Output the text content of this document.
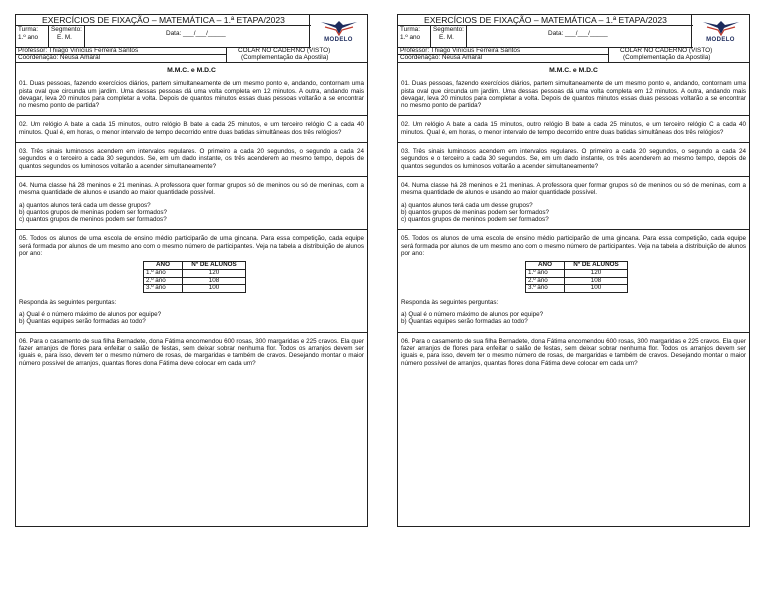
EXERCÍCIOS DE FIXAÇÃO – MATEMÁTICA – 1.ª ETAPA/2023
Turma:
1.º ano
Segmento:
E. M.
Data: ___/___/_____
MODELO
Professor: Thiago Vinícius Ferreira Santos
Coordenação: Neusa Amaral
COLAR NO CADERNO (VISTO)
(Complementação da Apostila)
M.M.C. e M.D.C

01. Duas pessoas, fazendo exercícios diários, partem simultaneamente de um mesmo ponto e, andando, contornam uma pista oval que circunda um jardim. Uma dessas pessoas dá uma volta completa em 12 minutos. A outra, andando mais devagar, leva 20 minutos para completar a volta. Depois de quantos minutos essas duas pessoas voltarão a se encontrar no mesmo ponto de partida?

02. Um relógio A bate a cada 15 minutos, outro relógio B bate a cada 25 minutos, e um terceiro relógio C a cada 40 minutos. Qual é, em horas, o menor intervalo de tempo decorrido entre duas batidas simultâneas dos três relógios?

03. Três sinais luminosos acendem em intervalos regulares. O primeiro a cada 20 segundos, o segundo a cada 24 segundos e o terceiro a cada 30 segundos. Se, em um dado instante, os três acenderem ao mesmo tempo, depois de quantos segundos os luminosos voltarão a acender simultaneamente?

04. Numa classe há 28 meninos e 21 meninas. A professora quer formar grupos só de meninos ou só de meninas, com a mesma quantidade de alunos e usando ao maior quantidade possível.

a) quantos alunos terá cada um desse grupos?

b) quantos grupos de meninas podem ser formados?

c) quantos grupos de meninos podem ser formados?

05. Todos os alunos de uma escola de ensino médio participarão de uma gincana. Para essa competição, cada equipe será formada por alunos de um mesmo ano com o mesmo número de participantes. Veja na tabela a distribuição de alunos por ano:

ANO	Nº DE ALUNOS
1.º ano	120
2.º ano	108
3.º ano	100

Responda às seguintes perguntas:

a) Qual é o número máximo de alunos por equipe?

b) Quantas equipes serão formadas ao todo?

06. Para o casamento de sua filha Bernadete, dona Fátima encomendou 600 rosas, 300 margaridas e 225 cravos. Ela quer fazer arranjos de flores para enfeitar o salão de festas, sem deixar sobrar nenhuma flor. Todos os arranjos devem ser iguais e, para isso, devem ter o mesmo número de rosas, de margaridas e também de cravos. Desejando montar o maior número possível de arranjos, quantas flores dona Fátima deve colocar em cada um?

EXERCÍCIOS DE FIXAÇÃO – MATEMÁTICA – 1.ª ETAPA/2023
Turma:
1.º ano
Segmento:
E. M.
Data: ___/___/_____
MODELO
Professor: Thiago Vinícius Ferreira Santos
Coordenação: Neusa Amaral
COLAR NO CADERNO (VISTO)
(Complementação da Apostila)
M.M.C. e M.D.C

01. Duas pessoas, fazendo exercícios diários, partem simultaneamente de um mesmo ponto e, andando, contornam uma pista oval que circunda um jardim. Uma dessas pessoas dá uma volta completa em 12 minutos. A outra, andando mais devagar, leva 20 minutos para completar a volta. Depois de quantos minutos essas duas pessoas voltarão a se encontrar no mesmo ponto de partida?

02. Um relógio A bate a cada 15 minutos, outro relógio B bate a cada 25 minutos, e um terceiro relógio C a cada 40 minutos. Qual é, em horas, o menor intervalo de tempo decorrido entre duas batidas simultâneas dos três relógios?

03. Três sinais luminosos acendem em intervalos regulares. O primeiro a cada 20 segundos, o segundo a cada 24 segundos e o terceiro a cada 30 segundos. Se, em um dado instante, os três acenderem ao mesmo tempo, depois de quantos segundos os luminosos voltarão a acender simultaneamente?

04. Numa classe há 28 meninos e 21 meninas. A professora quer formar grupos só de meninos ou só de meninas, com a mesma quantidade de alunos e usando ao maior quantidade possível.

a) quantos alunos terá cada um desse grupos?

b) quantos grupos de meninas podem ser formados?

c) quantos grupos de meninos podem ser formados?

05. Todos os alunos de uma escola de ensino médio participarão de uma gincana. Para essa competição, cada equipe será formada por alunos de um mesmo ano com o mesmo número de participantes. Veja na tabela a distribuição de alunos por ano:

ANO	Nº DE ALUNOS
1.º ano	120
2.º ano	108
3.º ano	100

Responda às seguintes perguntas:

a) Qual é o número máximo de alunos por equipe?

b) Quantas equipes serão formadas ao todo?

06. Para o casamento de sua filha Bernadete, dona Fátima encomendou 600 rosas, 300 margaridas e 225 cravos. Ela quer fazer arranjos de flores para enfeitar o salão de festas, sem deixar sobrar nenhuma flor. Todos os arranjos devem ser iguais e, para isso, devem ter o mesmo número de rosas, de margaridas e também de cravos. Desejando montar o maior número possível de arranjos, quantas flores dona Fátima deve colocar em cada um?
